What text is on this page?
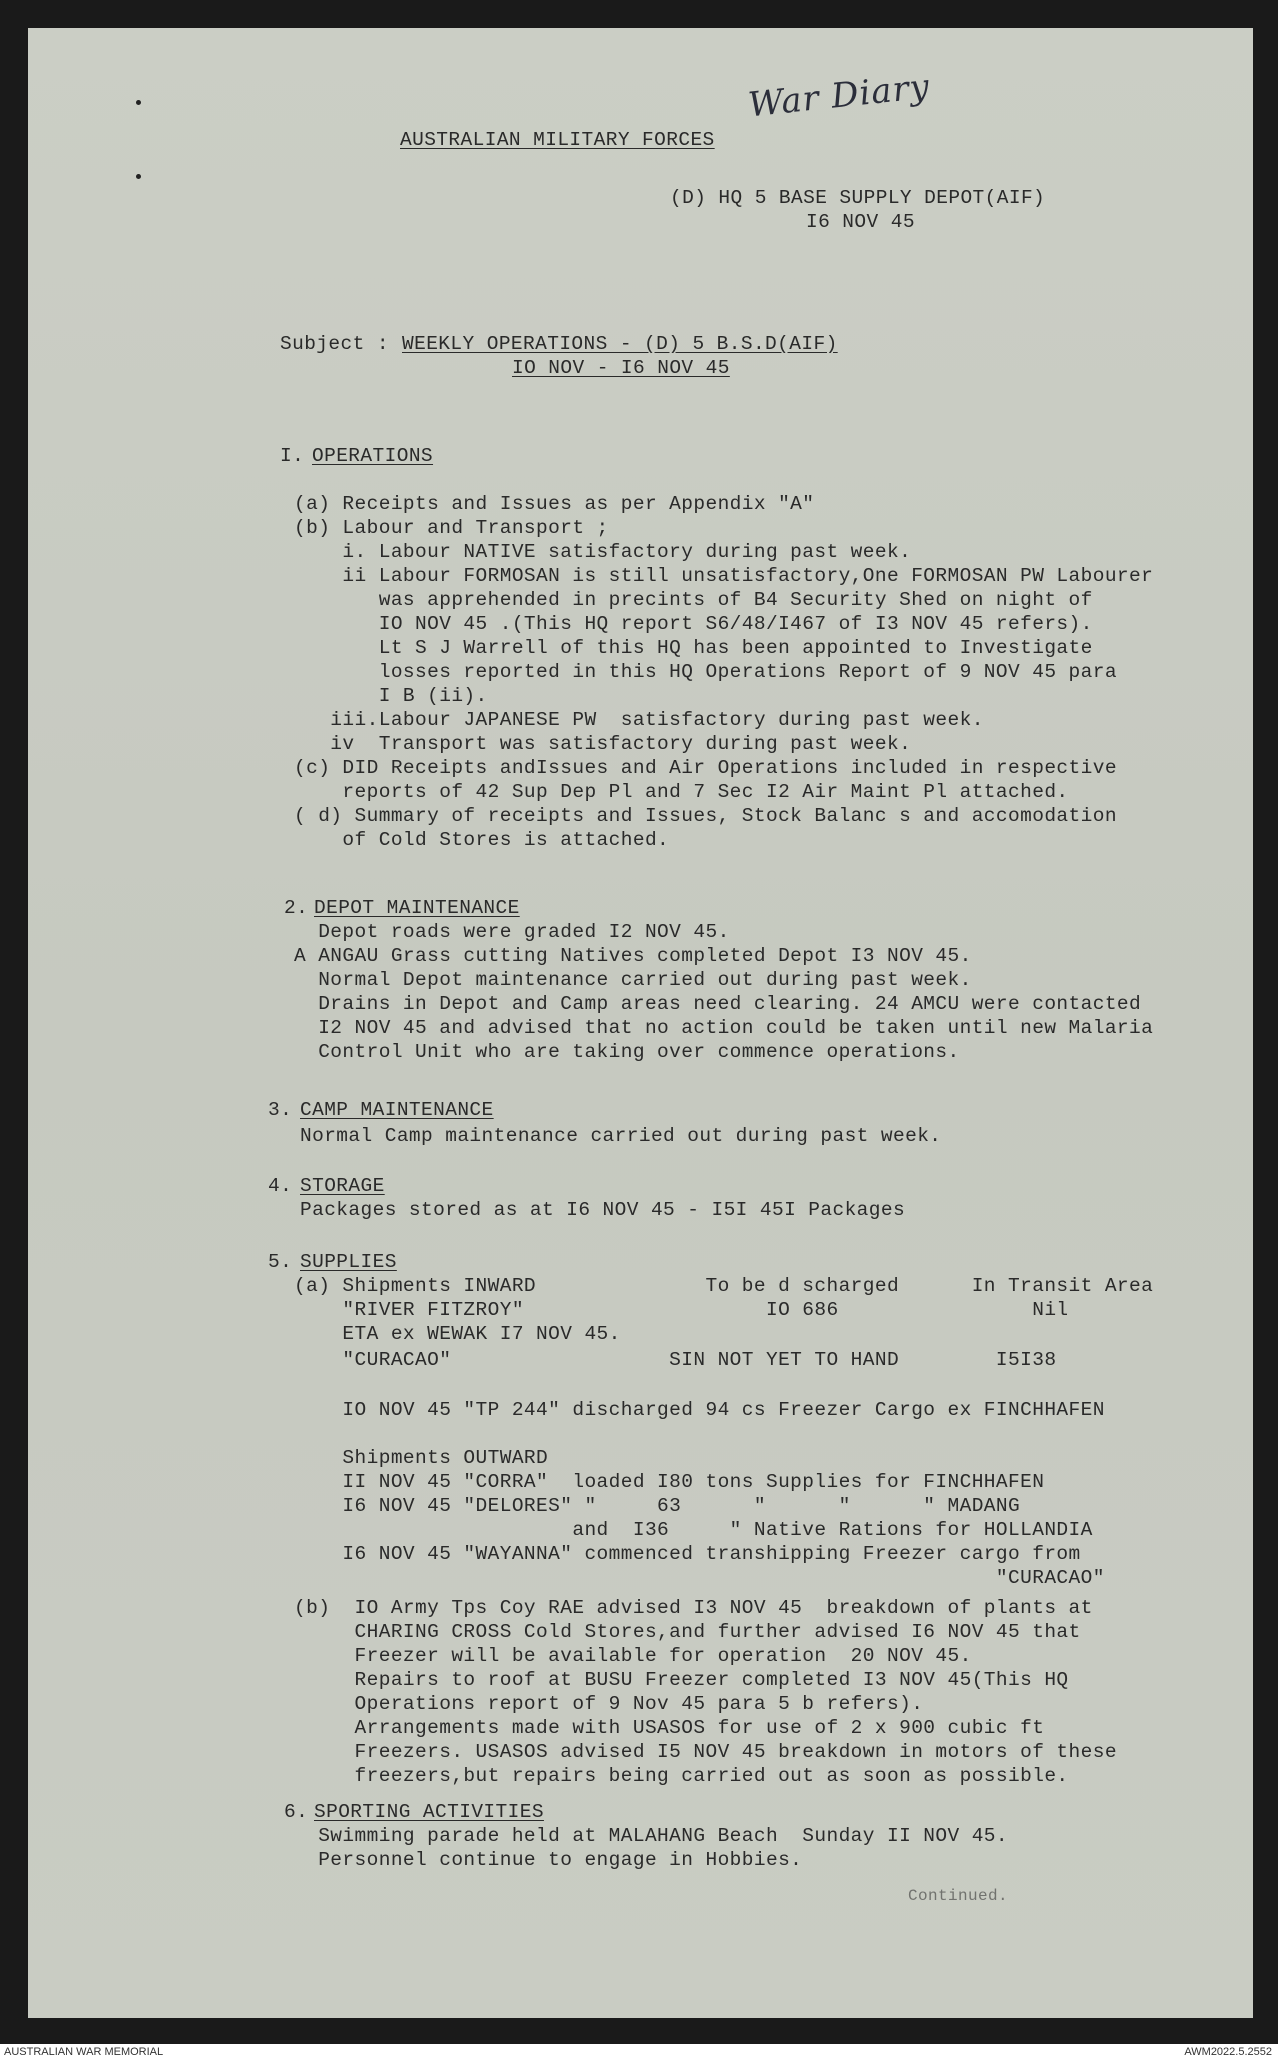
War Diary
AUSTRALIAN MILITARY FORCES
(D) HQ 5 BASE SUPPLY DEPOT(AIF)
I6 NOV 45
Subject : WEEKLY OPERATIONS - (D) 5 B.S.D(AIF)
IO NOV - I6 NOV 45
I. OPERATIONS
(a) Receipts and Issues as per Appendix "A"
(b) Labour and Transport ;
i. Labour NATIVE satisfactory during past week.
ii Labour FORMOSAN is still unsatisfactory,One FORMOSAN PW Labourer
was apprehended in precints of B4 Security Shed on night of
IO NOV 45 .(This HQ report S6/48/I467 of I3 NOV 45 refers).
Lt S J Warrell of this HQ has been appointed to Investigate
losses reported in this HQ Operations Report of 9 NOV 45 para
I B (ii).
iii.Labour JAPANESE PW  satisfactory during past week.
iv  Transport was satisfactory during past week.
(c) DID Receipts andIssues and Air Operations included in respective
reports of 42 Sup Dep Pl and 7 Sec I2 Air Maint Pl attached.
( d) Summary of receipts and Issues, Stock Balanc s and accomodation
of Cold Stores is attached.
2. DEPOT MAINTENANCE
Depot roads were graded I2 NOV 45.
A ANGAU Grass cutting Natives completed Depot I3 NOV 45.
Normal Depot maintenance carried out during past week.
Drains in Depot and Camp areas need clearing. 24 AMCU were contacted
I2 NOV 45 and advised that no action could be taken until new Malaria
Control Unit who are taking over commence operations.
3. CAMP MAINTENANCE
Normal Camp maintenance carried out during past week.
4. STORAGE
Packages stored as at I6 NOV 45 - I5I 45I Packages
5. SUPPLIES
(a) Shipments INWARD              To be d scharged      In Transit Area
"RIVER FITZROY"                    IO 686                Nil
ETA ex WEWAK I7 NOV 45.
"CURACAO"                  SIN NOT YET TO HAND        I5I38
IO NOV 45 "TP 244" discharged 94 cs Freezer Cargo ex FINCHHAFEN
Shipments OUTWARD
II NOV 45 "CORRA"  loaded I80 tons Supplies for FINCHHAFEN
I6 NOV 45 "DELORES" "     63      "      "      " MADANG
and  I36     " Native Rations for HOLLANDIA
I6 NOV 45 "WAYANNA" commenced transhipping Freezer cargo from
"CURACAO"
(b)  IO Army Tps Coy RAE advised I3 NOV 45  breakdown of plants at
CHARING CROSS Cold Stores,and further advised I6 NOV 45 that
Freezer will be available for operation  20 NOV 45.
Repairs to roof at BUSU Freezer completed I3 NOV 45(This HQ
Operations report of 9 Nov 45 para 5 b refers).
Arrangements made with USASOS for use of 2 x 900 cubic ft
Freezers. USASOS advised I5 NOV 45 breakdown in motors of these
freezers,but repairs being carried out as soon as possible.
6. SPORTING ACTIVITIES
Swimming parade held at MALAHANG Beach  Sunday II NOV 45.
Personnel continue to engage in Hobbies.
Continued.
AUSTRALIAN WAR MEMORIAL	AWM2022.5.2552
